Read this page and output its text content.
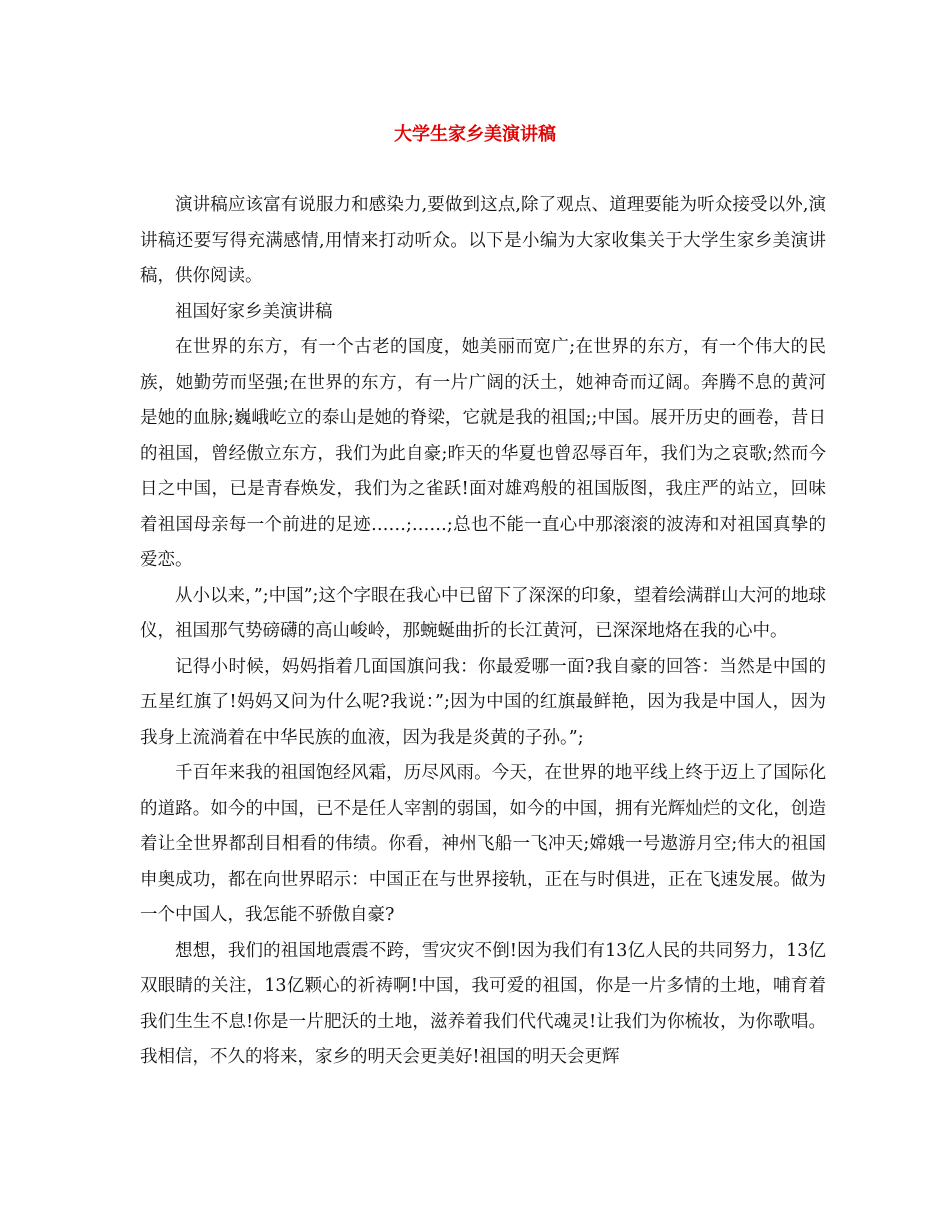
大学生家乡美演讲稿

演讲稿应该富有说服力和感染力,要做到这点,除了观点、道理要能为听众接受以外,演讲稿还要写得充满感情,用情来打动听众。以下是小编为大家收集关于大学生家乡美演讲稿，供你阅读。

祖国好家乡美演讲稿

在世界的东方，有一个古老的国度，她美丽而宽广;在世界的东方，有一个伟大的民族，她勤劳而坚强;在世界的东方，有一片广阔的沃土，她神奇而辽阔。奔腾不息的黄河是她的血脉;巍峨屹立的泰山是她的脊梁，它就是我的祖国;;中国。展开历史的画卷，昔日的祖国，曾经傲立东方，我们为此自豪;昨天的华夏也曾忍辱百年，我们为之哀歌;然而今日之中国，已是青春焕发，我们为之雀跃!面对雄鸡般的祖国版图，我庄严的站立，回味着祖国母亲每一个前进的足迹……;……;总也不能一直心中那滚滚的波涛和对祖国真挚的爱恋。

从小以来，”;中国”;这个字眼在我心中已留下了深深的印象，望着绘满群山大河的地球仪，祖国那气势磅礴的高山峻岭，那蜿蜒曲折的长江黄河，已深深地烙在我的心中。

记得小时候，妈妈指着几面国旗问我：你最爱哪一面?我自豪的回答：当然是中国的五星红旗了!妈妈又问为什么呢?我说：”;因为中国的红旗最鲜艳，因为我是中国人，因为我身上流淌着在中华民族的血液，因为我是炎黄的子孙。”;

千百年来我的祖国饱经风霜，历尽风雨。今天，在世界的地平线上终于迈上了国际化的道路。如今的中国，已不是任人宰割的弱国，如今的中国，拥有光辉灿烂的文化，创造着让全世界都刮目相看的伟绩。你看，神州飞船一飞冲天;嫦娥一号遨游月空;伟大的祖国申奥成功，都在向世界昭示：中国正在与世界接轨，正在与时俱进，正在飞速发展。做为一个中国人，我怎能不骄傲自豪?

想想，我们的祖国地震震不跨，雪灾灾不倒!因为我们有13亿人民的共同努力，13亿双眼睛的关注，13亿颗心的祈祷啊!中国，我可爱的祖国，你是一片多情的土地，哺育着我们生生不息!你是一片肥沃的土地，滋养着我们代代魂灵!让我们为你梳妆，为你歌唱。我相信，不久的将来，家乡的明天会更美好!祖国的明天会更辉
